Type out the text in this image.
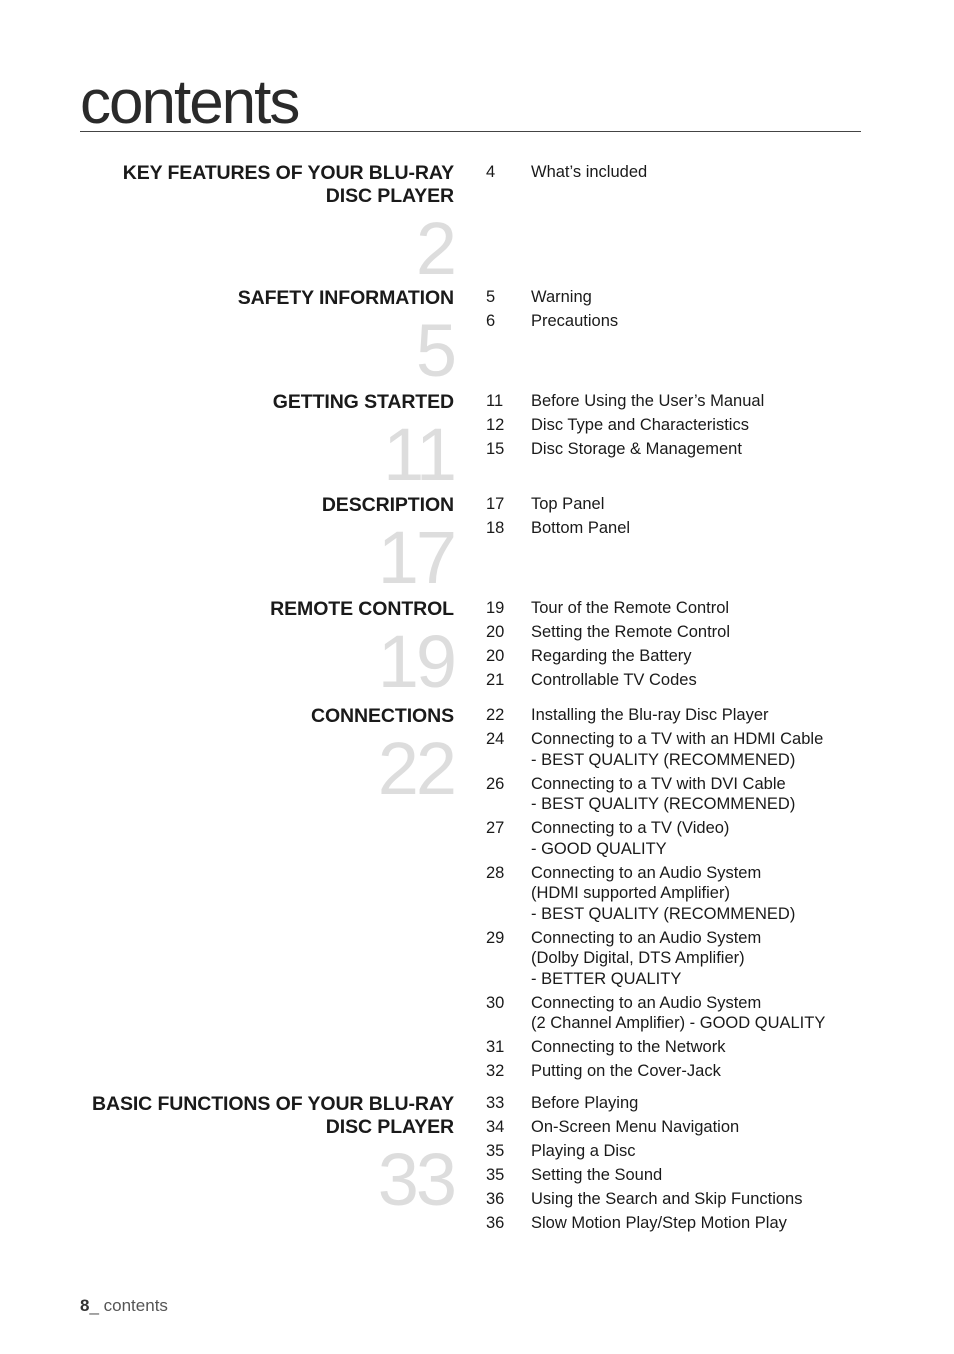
contents
KEY FEATURES OF YOUR BLU-RAY DISC PLAYER
2
4	What’s included
SAFETY INFORMATION
5
5	Warning
6	Precautions
GETTING STARTED
11
11	Before Using the User’s Manual
12	Disc Type and Characteristics
15	Disc Storage & Management
DESCRIPTION
17
17	Top Panel
18	Bottom Panel
REMOTE CONTROL
19
19	Tour of the Remote Control
20	Setting the Remote Control
20	Regarding the Battery
21	Controllable TV Codes
CONNECTIONS
22
22	Installing the Blu-ray Disc Player
24	Connecting to a TV with an HDMI Cable
- BEST QUALITY (RECOMMENED)
26	Connecting to a TV with DVI Cable
- BEST QUALITY (RECOMMENED)
27	Connecting to a TV (Video)
- GOOD QUALITY
28	Connecting to an Audio System
(HDMI supported Amplifier)
- BEST QUALITY (RECOMMENED)
29	Connecting to an Audio System
(Dolby Digital, DTS Amplifier)
- BETTER QUALITY
30	Connecting to an Audio System
(2 Channel Amplifier) - GOOD QUALITY
31	Connecting to the Network
32	Putting on the Cover-Jack
BASIC FUNCTIONS OF YOUR BLU-RAY DISC PLAYER
33
33	Before Playing
34	On-Screen Menu Navigation
35	Playing a Disc
35	Setting the Sound
36	Using the Search and Skip Functions
36	Slow Motion Play/Step Motion Play
8_ contents
